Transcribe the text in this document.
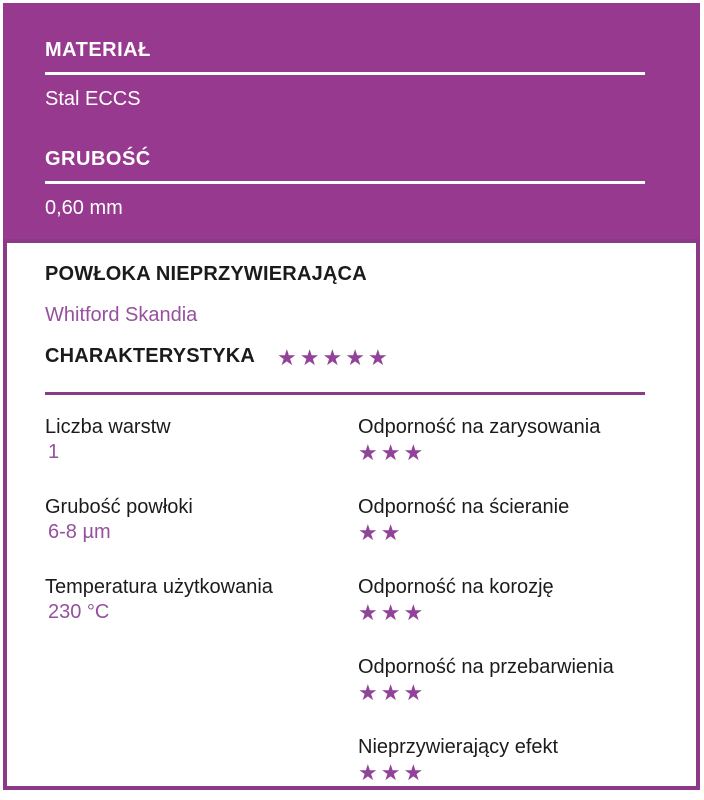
MATERIAŁ
Stal ECCS
GRUBOŚĆ
0,60 mm
POWŁOKA NIEPRZYWIERAJĄCA
Whitford Skandia
CHARAKTERYSTYKA ★★★★★
Liczba warstw
1
Grubość powłoki
6-8 µm
Temperatura użytkowania
230 °C
Odporność na zarysowania
★★★
Odporność na ścieranie
★★
Odporność na korozję
★★★
Odporność na przebarwienia
★★★
Nieprzywierający efekt
★★★
